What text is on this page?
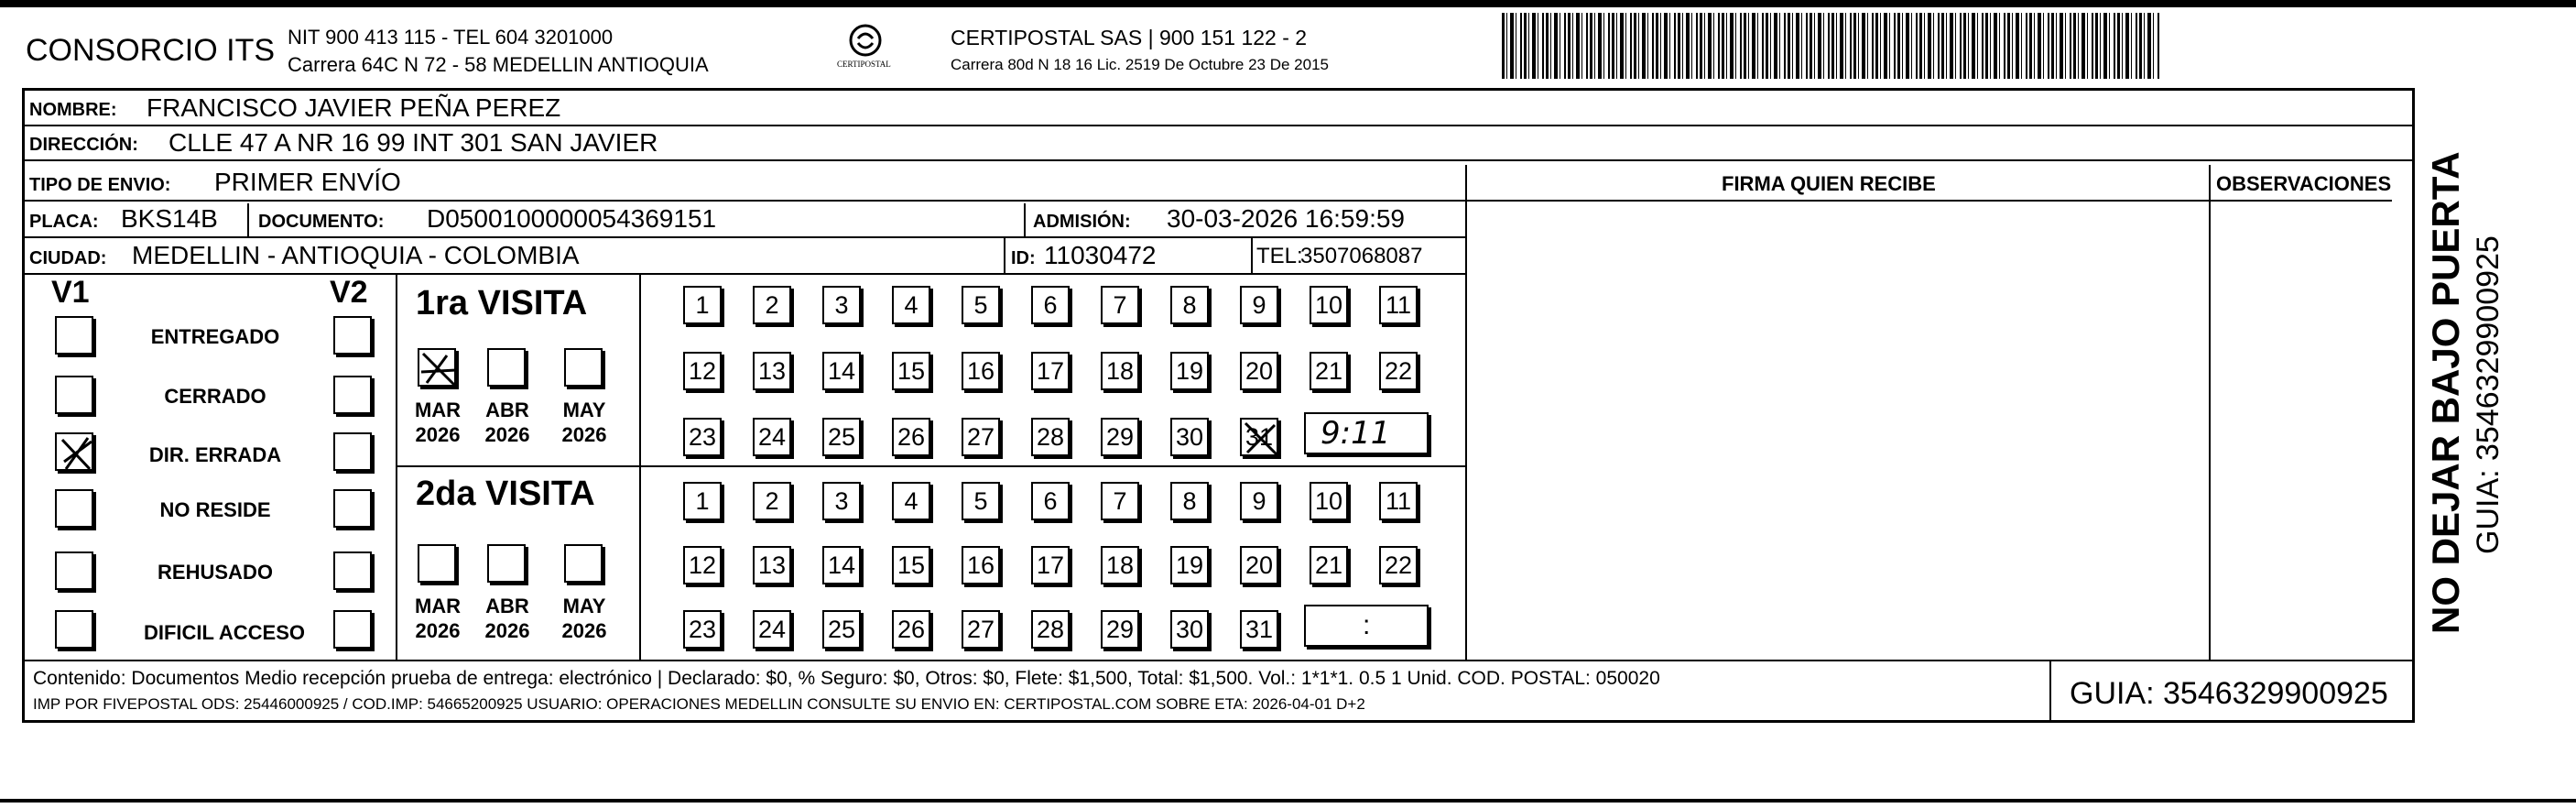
CONSORCIO ITS NIT 900 413 115 - TEL 604 3201000
Carrera 64C N 72 - 58 MEDELLIN ANTIOQUIA	CERTIPOSTAL
CERTIPOSTAL SAS | 900 151 122 - 2
Carrera 80d N 18 16 Lic. 2519 De Octubre 23 De 2015
NOMBRE: FRANCISCO JAVIER PEÑA PEREZ
DIRECCIÓN: CLLE 47 A NR 16 99 INT 301 SAN JAVIER
TIPO DE ENVIO: PRIMER ENVÍO
PLACA: BKS14B DOCUMENTO: D0500100000054369151	ADMISIÓN: 30-03-2026 16:59:59
CIUDAD: MEDELLIN - ANTIOQUIA - COLOMBIA	ID: 11030472	TEL:
3507068087
FIRMA QUIEN RECIBE	OBSERVACIONES
V1	V2
ENTREGADO
CERRADO
DIR. ERRADA
NO RESIDE
REHUSADO
DIFICIL ACCESO
1ra VISITA
MAR
2026
ABR
2026
MAY
2026
1	2	3	4	5	6	7	8	9	10 11
12 13 14 15 16 17 18 19 20 21 22
23 24 25 26 27 28 29 30 31 9:11
2da VISITA
MAR
2026
ABR
2026
MAY
2026
1	2	3	4	5	6	7	8	9	10 11
12 13 14 15 16 17 18 19 20 21 22
23 24 25 26 27 28 29 30 31	:
Contenido: Documentos Medio recepción prueba de entrega: electrónico | Declarado: $0, % Seguro: $0, Otros: $0, Flete: $1,500, Total: $1,500. Vol.: 1*1*1. 0.5 1 Unid. COD. POSTAL: 050020
IMP POR FIVEPOSTAL ODS: 25446000925 / COD.IMP: 54665200925 USUARIO: OPERACIONES MEDELLIN CONSULTE SU ENVIO EN: CERTIPOSTAL.COM SOBRE ETA: 2026-04-01 D+2	GUIA: 3546329900925
NO DEJAR BAJO PUERTA GUIA: 3546329900925
